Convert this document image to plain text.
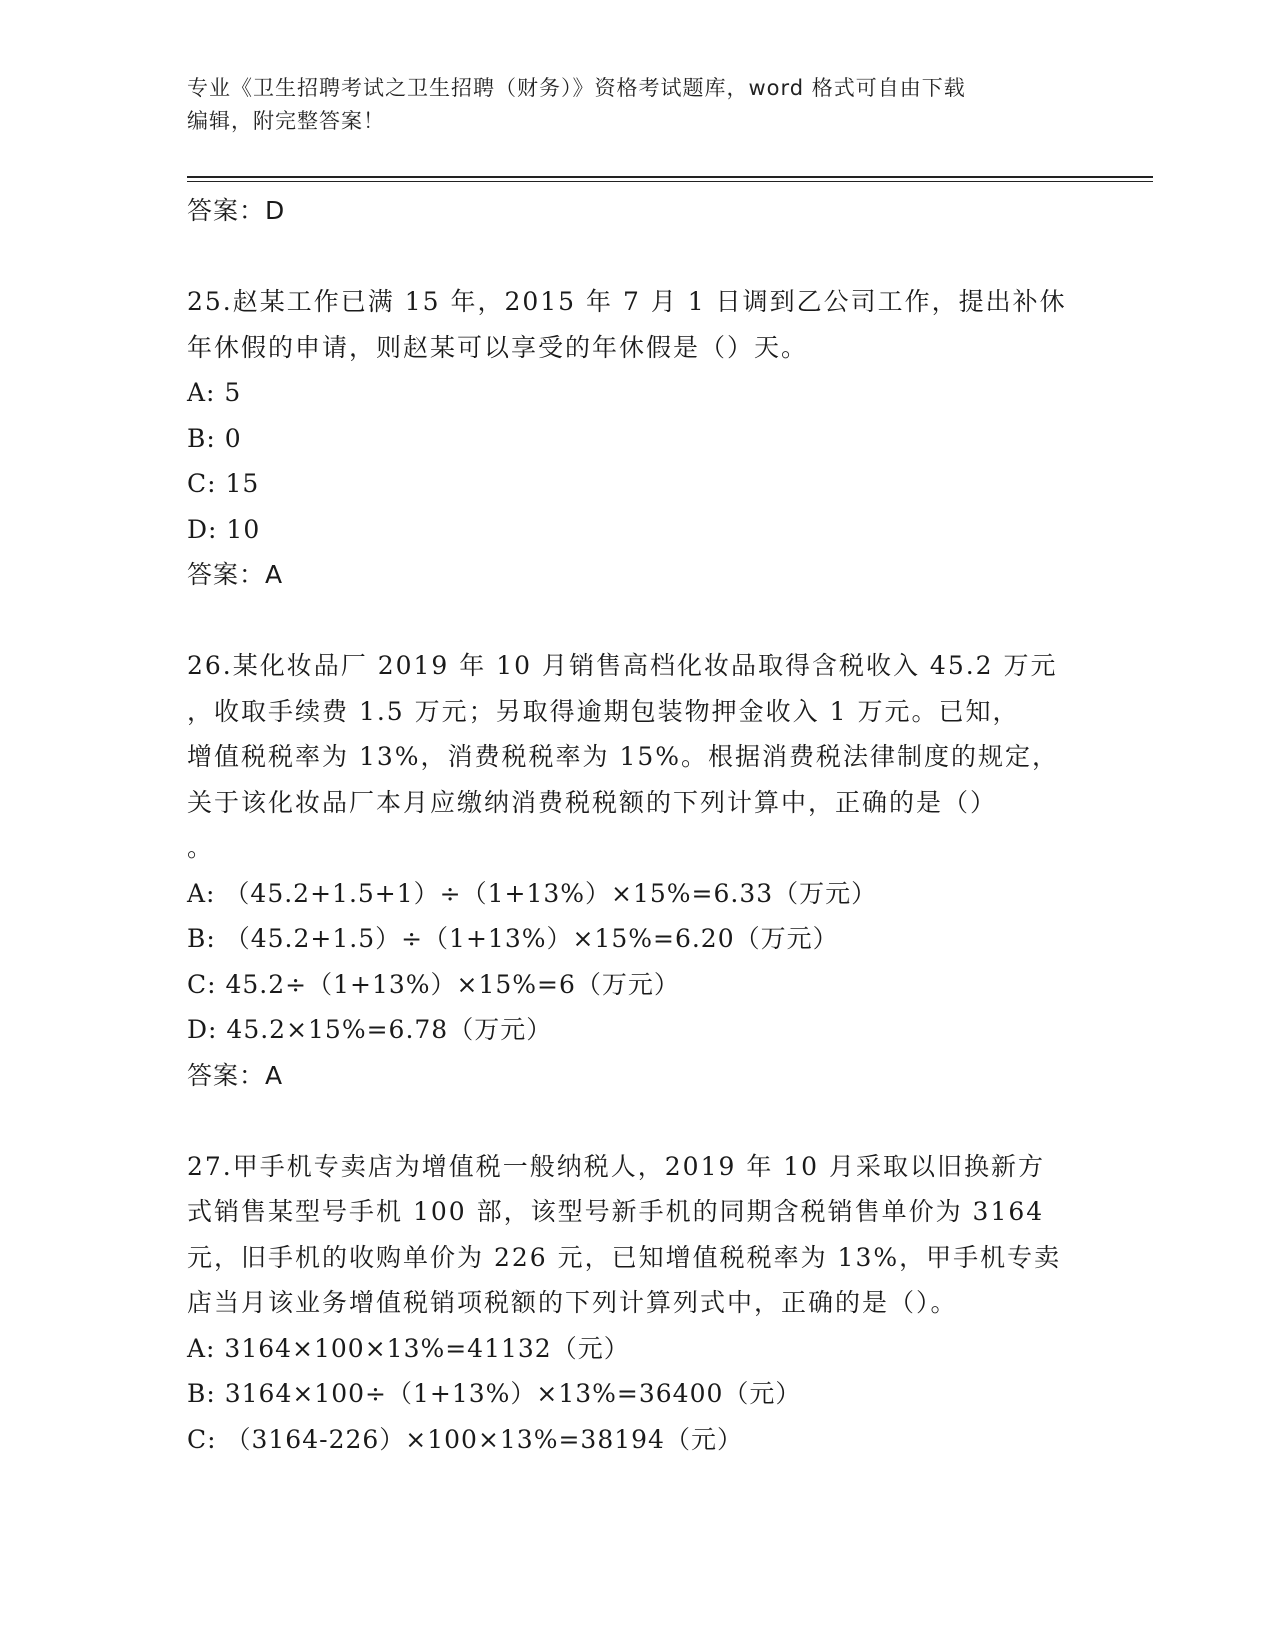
专业《卫生招聘考试之卫生招聘（财务）》资格考试题库，word 格式可自由下载
编辑，附完整答案！
答案：D
25.赵某工作已满 15 年，2015 年 7 月 1 日调到乙公司工作，提出补休
年休假的申请，则赵某可以享受的年休假是（）天。
A: 5
B: 0
C: 15
D: 10
答案：A
26.某化妆品厂 2019 年 10 月销售高档化妆品取得含税收入 45.2 万元
，收取手续费 1.5 万元；另取得逾期包装物押金收入 1 万元。已知，
增值税税率为 13%，消费税税率为 15%。根据消费税法律制度的规定，
关于该化妆品厂本月应缴纳消费税税额的下列计算中，正确的是（）
。
A: （45.2+1.5+1）÷（1+13%）×15%=6.33（万元）
B: （45.2+1.5）÷（1+13%）×15%=6.20（万元）
C: 45.2÷（1+13%）×15%=6（万元）
D: 45.2×15%=6.78（万元）
答案：A
27.甲手机专卖店为增值税一般纳税人，2019 年 10 月采取以旧换新方
式销售某型号手机 100 部，该型号新手机的同期含税销售单价为 3164
元，旧手机的收购单价为 226 元，已知增值税税率为 13%，甲手机专卖
店当月该业务增值税销项税额的下列计算列式中，正确的是（）。
A: 3164×100×13%=41132（元）
B: 3164×100÷（1+13%）×13%=36400（元）
C: （3164-226）×100×13%=38194（元）
